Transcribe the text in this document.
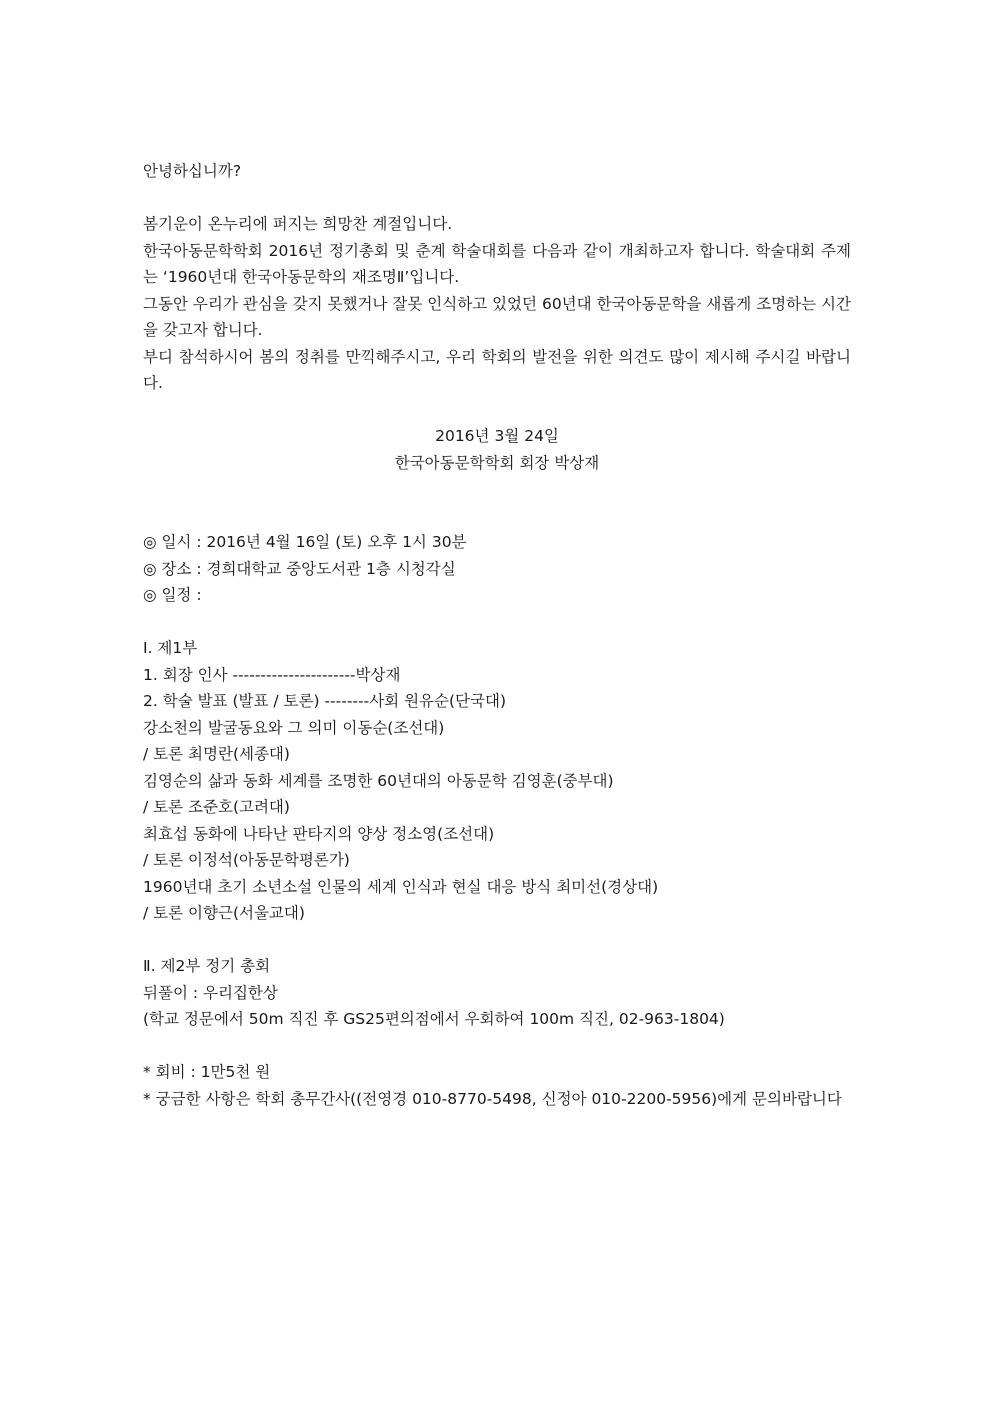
안녕하십니까?
봄기운이 온누리에 퍼지는 희망찬 계절입니다.
한국아동문학학회 2016년 정기총회 및 춘계 학술대회를 다음과 같이 개최하고자 합니다. 학술대회 주제는 ‘1960년대 한국아동문학의 재조명Ⅱ’입니다.
그동안 우리가 관심을 갖지 못했거나 잘못 인식하고 있었던 60년대 한국아동문학을 새롭게 조명하는 시간을 갖고자 합니다.
부디 참석하시어 봄의 정취를 만끽해주시고, 우리 학회의 발전을 위한 의견도 많이 제시해 주시길 바랍니다.
2016년 3월 24일
한국아동문학학회 회장 박상재
◎ 일시 : 2016년 4월 16일 (토) 오후 1시 30분
◎ 장소 : 경희대학교 중앙도서관 1층 시청각실
◎ 일정 :
Ⅰ. 제1부
1. 회장 인사 ----------------------박상재
2. 학술 발표 (발표 / 토론) --------사회 원유순(단국대)
강소천의 발굴동요와 그 의미 이동순(조선대)
/ 토론 최명란(세종대)
김영순의 삶과 동화 세계를 조명한 60년대의 아동문학 김영훈(중부대)
/ 토론 조준호(고려대)
최효섭 동화에 나타난 판타지의 양상 정소영(조선대)
/ 토론 이정석(아동문학평론가)
1960년대 초기 소년소설 인물의 세계 인식과 현실 대응 방식 최미선(경상대)
/ 토론 이향근(서울교대)
Ⅱ. 제2부 정기 총회
뒤풀이 : 우리집한상
(학교 정문에서 50m 직진 후 GS25편의점에서 우회하여 100m 직진, 02-963-1804)
* 회비 : 1만5천 원
* 궁금한 사항은 학회 총무간사((전영경 010-8770-5498, 신정아 010-2200-5956)에게 문의바랍니다
